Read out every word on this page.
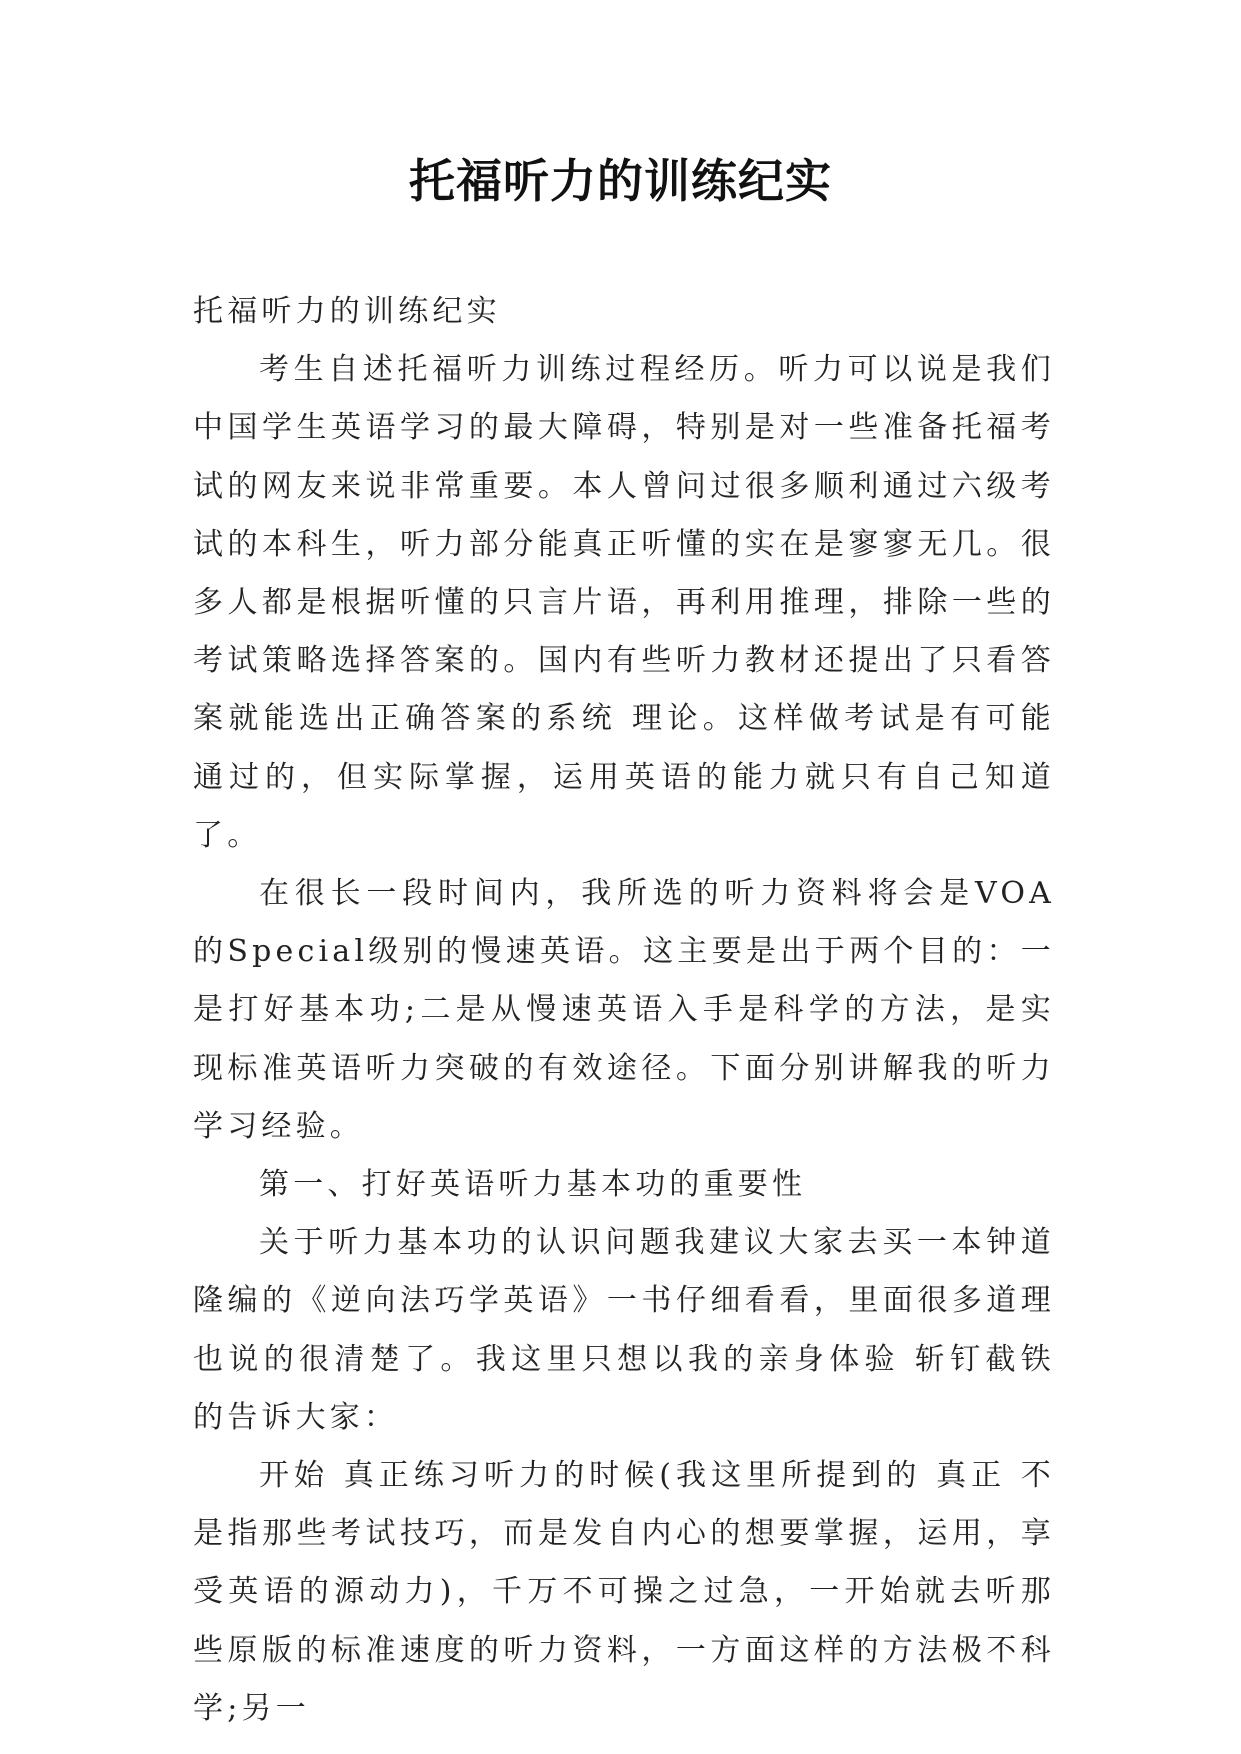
托福听力的训练纪实

托福听力的训练纪实

考生自述托福听力训练过程经历。听力可以说是我们中国学生英语学习的最大障碍，特别是对一些准备托福考试的网友来说非常重要。本人曾问过很多顺利通过六级考试的本科生，听力部分能真正听懂的实在是寥寥无几。很多人都是根据听懂的只言片语，再利用推理，排除一些的考试策略选择答案的。国内有些听力教材还提出了只看答案就能选出正确答案的系统 理论。这样做考试是有可能通过的，但实际掌握，运用英语的能力就只有自己知道了。

在很长一段时间内，我所选的听力资料将会是VOA的Special级别的慢速英语。这主要是出于两个目的：一是打好基本功;二是从慢速英语入手是科学的方法，是实现标准英语听力突破的有效途径。下面分别讲解我的听力学习经验。

第一、打好英语听力基本功的重要性

关于听力基本功的认识问题我建议大家去买一本钟道隆编的《逆向法巧学英语》一书仔细看看，里面很多道理也说的很清楚了。我这里只想以我的亲身体验 斩钉截铁的告诉大家：

开始 真正练习听力的时候(我这里所提到的 真正 不是指那些考试技巧，而是发自内心的想要掌握，运用，享受英语的源动力)，千万不可操之过急，一开始就去听那些原版的标准速度的听力资料，一方面这样的方法极不科学;另一
